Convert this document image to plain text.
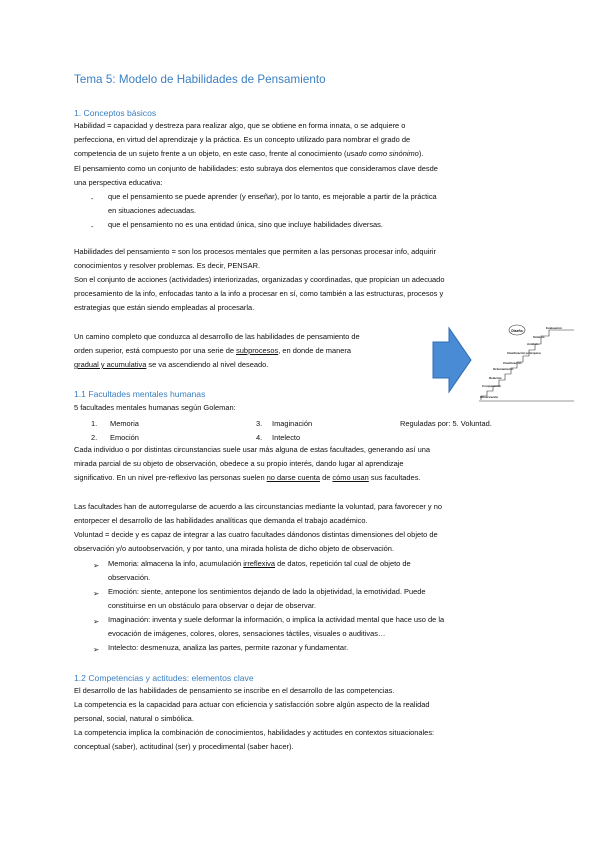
Tema 5: Modelo de Habilidades de Pensamiento
1. Conceptos básicos

Habilidad = capacidad y destreza para realizar algo, que se obtiene en forma innata, o se adquiere o

perfecciona, en virtud del aprendizaje y la práctica. Es un concepto utilizado para nombrar el grado de

competencia de un sujeto frente a un objeto, en este caso, frente al conocimiento (usado como sinónimo).

El pensamiento como un conjunto de habilidades: esto subraya dos elementos que consideramos clave desde

una perspectiva educativa:

- que el pensamiento se puede aprender (y enseñar), por lo tanto, es mejorable a partir de la práctica

en situaciones adecuadas.

- que el pensamiento no es una entidad única, sino que incluye habilidades diversas.

Habilidades del pensamiento = son los procesos mentales que permiten a las personas procesar info, adquirir

conocimientos y resolver problemas. Es decir, PENSAR.

Son el conjunto de acciones (actividades) interiorizadas, organizadas y coordinadas, que propician un adecuado

procesamiento de la info, enfocadas tanto a la info a procesar en sí, como también a las estructuras, procesos y

estrategias que están siendo empleadas al procesarla.

Un camino completo que conduzca al desarrollo de las habilidades de pensamiento de

orden superior, está compuesto por una serie de subprocesos, en donde de manera

gradual y acumulativa se va ascendiendo al nivel deseado.

Diseño
Evaluación
Síntesis
Análisis
Clasificación jerárquica
Clasificación
Ordenamiento
Relación
Comparación
Observación
1.1 Facultades mentales humanas

5 facultades mentales humanas según Goleman:

1. Memoria	3. Imaginación	Reguladas por: 5. Voluntad.
2. Emoción	4. Intelecto

Cada individuo o por distintas circunstancias suele usar más alguna de estas facultades, generando así una

mirada parcial de su objeto de observación, obedece a su propio interés, dando lugar al aprendizaje

significativo. En un nivel pre-reflexivo las personas suelen no darse cuenta de cómo usan sus facultades.

Las facultades han de autorregularse de acuerdo a las circunstancias mediante la voluntad, para favorecer y no

entorpecer el desarrollo de las habilidades analíticas que demanda el trabajo académico.

Voluntad = decide y es capaz de integrar a las cuatro facultades dándonos distintas dimensiones del objeto de

observación y/o autoobservación, y por tanto, una mirada holista de dicho objeto de observación.

➢ Memoria: almacena la info, acumulación irreflexiva de datos, repetición tal cual de objeto de

observación.

➢ Emoción: siente, antepone los sentimientos dejando de lado la objetividad, la emotividad. Puede

constituirse en un obstáculo para observar o dejar de observar.

➢ Imaginación: inventa y suele deformar la información, o implica la actividad mental que hace uso de la

evocación de imágenes, colores, olores, sensaciones táctiles, visuales o auditivas…

➢ Intelecto: desmenuza, analiza las partes, permite razonar y fundamentar.

1.2 Competencias y actitudes: elementos clave

El desarrollo de las habilidades de pensamiento se inscribe en el desarrollo de las competencias.

La competencia es la capacidad para actuar con eficiencia y satisfacción sobre algún aspecto de la realidad

personal, social, natural o simbólica.

La competencia implica la combinación de conocimientos, habilidades y actitudes en contextos situacionales:

conceptual (saber), actitudinal (ser) y procedimental (saber hacer).
